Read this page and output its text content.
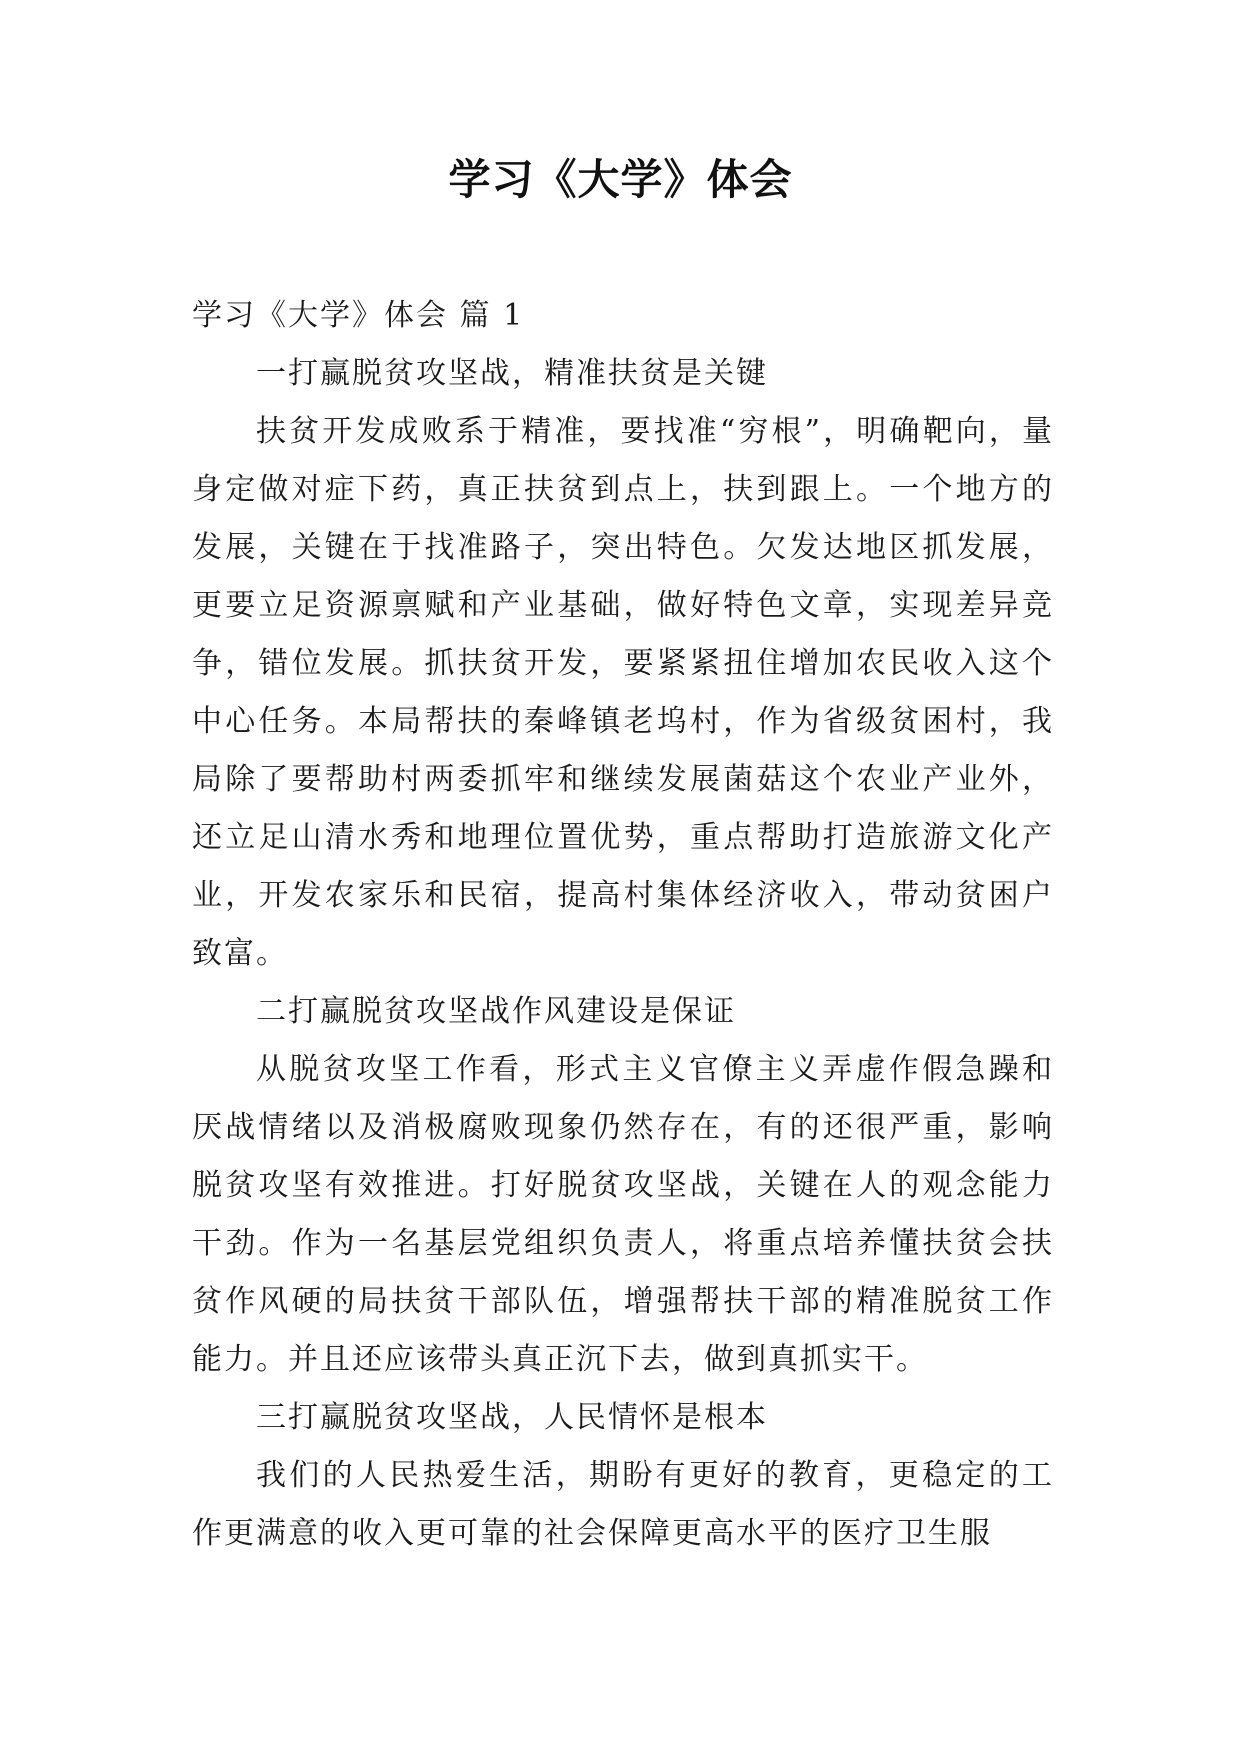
学习《大学》体会

学习《大学》体会 篇 1

一打赢脱贫攻坚战，精准扶贫是关键

扶贫开发成败系于精准，要找准“穷根”，明确靶向，量身定做对症下药，真正扶贫到点上，扶到跟上。一个地方的发展，关键在于找准路子，突出特色。欠发达地区抓发展，更要立足资源禀赋和产业基础，做好特色文章，实现差异竞争，错位发展。抓扶贫开发，要紧紧扭住增加农民收入这个中心任务。本局帮扶的秦峰镇老坞村，作为省级贫困村，我局除了要帮助村两委抓牢和继续发展菌菇这个农业产业外，还立足山清水秀和地理位置优势，重点帮助打造旅游文化产业，开发农家乐和民宿，提高村集体经济收入，带动贫困户致富。

二打赢脱贫攻坚战作风建设是保证

从脱贫攻坚工作看，形式主义官僚主义弄虚作假急躁和厌战情绪以及消极腐败现象仍然存在，有的还很严重，影响脱贫攻坚有效推进。打好脱贫攻坚战，关键在人的观念能力干劲。作为一名基层党组织负责人，将重点培养懂扶贫会扶贫作风硬的局扶贫干部队伍，增强帮扶干部的精准脱贫工作能力。并且还应该带头真正沉下去，做到真抓实干。

三打赢脱贫攻坚战，人民情怀是根本

我们的人民热爱生活，期盼有更好的教育，更稳定的工作更满意的收入更可靠的社会保障更高水平的医疗卫生服
